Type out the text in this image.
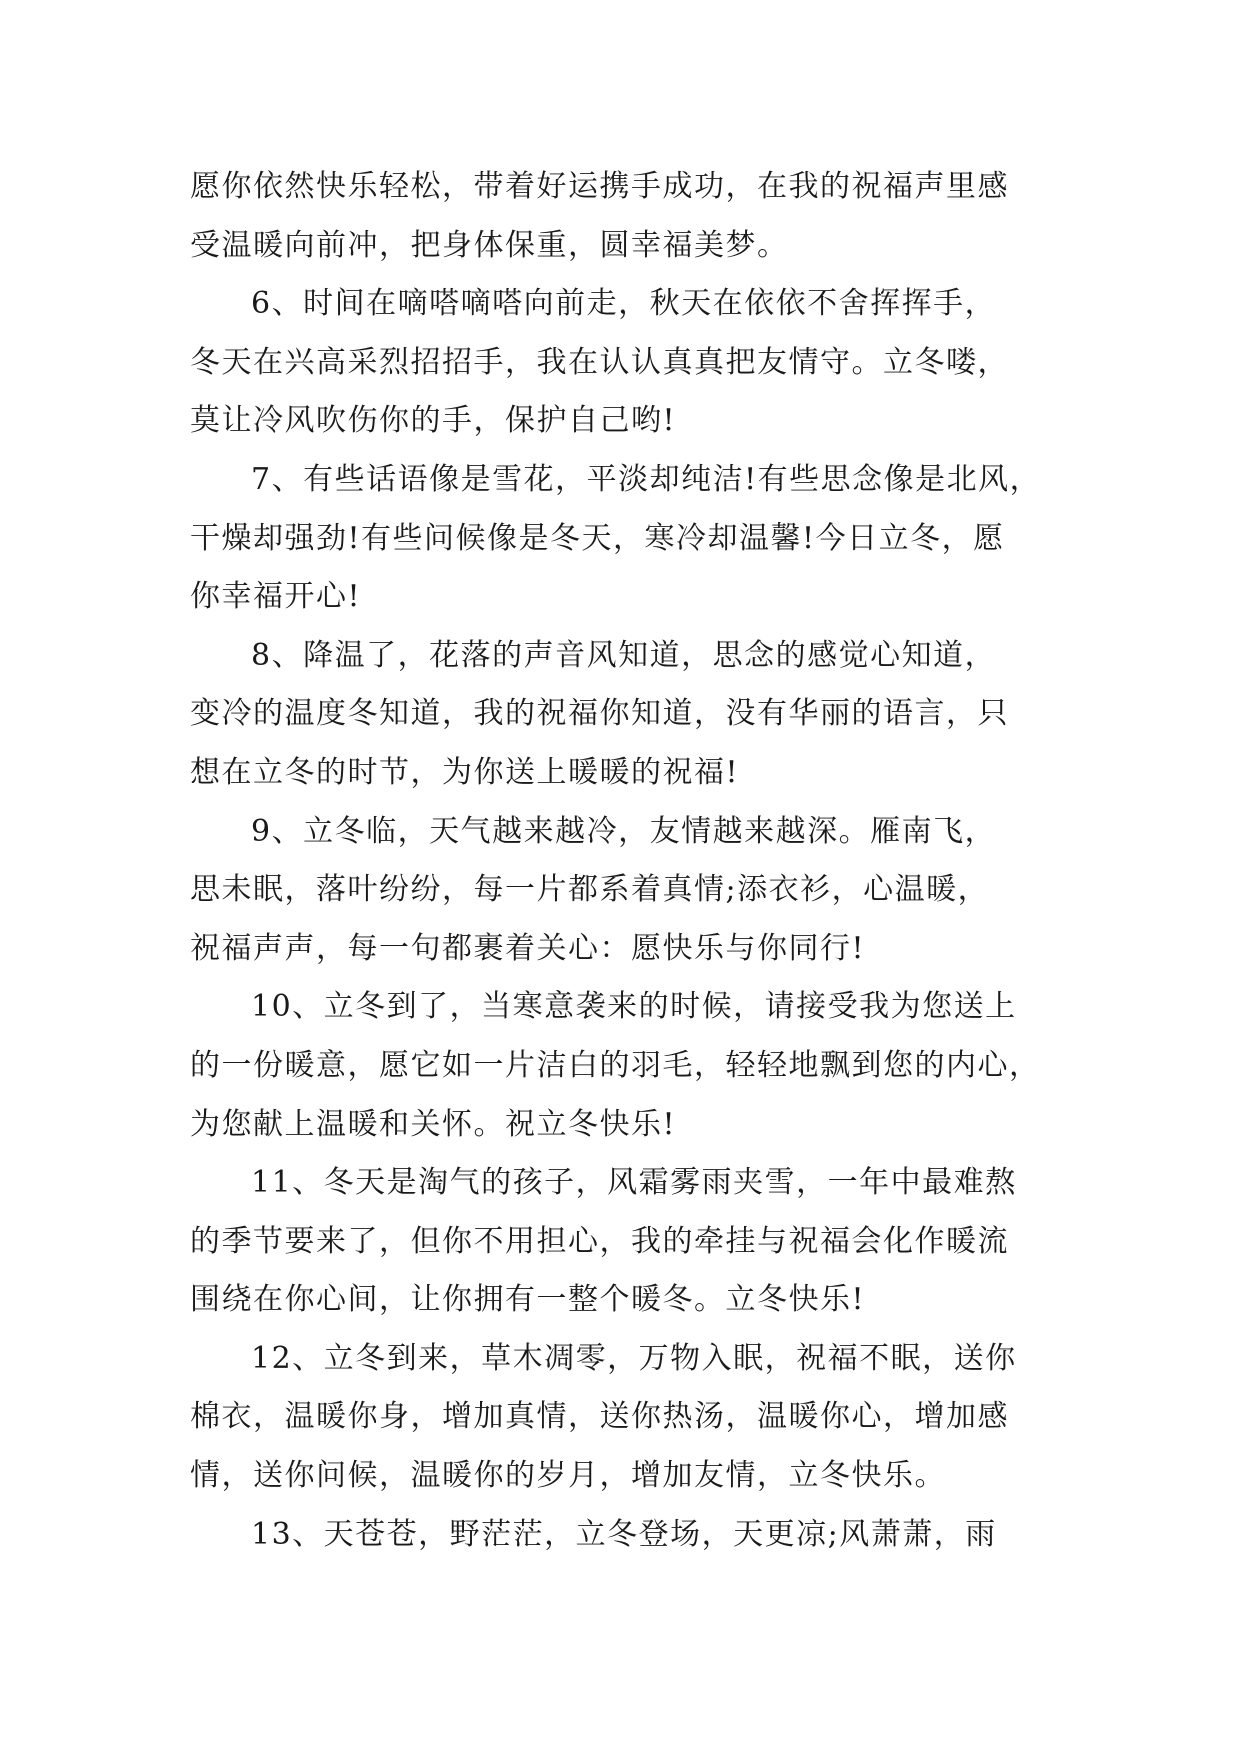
愿你依然快乐轻松，带着好运携手成功，在我的祝福声里感

受温暖向前冲，把身体保重，圆幸福美梦。

6、时间在嘀嗒嘀嗒向前走，秋天在依依不舍挥挥手，

冬天在兴高采烈招招手，我在认认真真把友情守。立冬喽，

莫让冷风吹伤你的手，保护自己哟!

7、有些话语像是雪花，平淡却纯洁!有些思念像是北风，

干燥却强劲!有些问候像是冬天，寒冷却温馨!今日立冬，愿

你幸福开心!

8、降温了，花落的声音风知道，思念的感觉心知道，

变冷的温度冬知道，我的祝福你知道，没有华丽的语言，只

想在立冬的时节，为你送上暖暖的祝福!

9、立冬临，天气越来越冷，友情越来越深。雁南飞，

思未眠，落叶纷纷，每一片都系着真情;添衣衫，心温暖，

祝福声声，每一句都裹着关心：愿快乐与你同行!

10、立冬到了，当寒意袭来的时候，请接受我为您送上

的一份暖意，愿它如一片洁白的羽毛，轻轻地飘到您的内心，

为您献上温暖和关怀。祝立冬快乐!

11、冬天是淘气的孩子，风霜雾雨夹雪，一年中最难熬

的季节要来了，但你不用担心，我的牵挂与祝福会化作暖流

围绕在你心间，让你拥有一整个暖冬。立冬快乐!

12、立冬到来，草木凋零，万物入眠，祝福不眠，送你

棉衣，温暖你身，增加真情，送你热汤，温暖你心，增加感

情，送你问候，温暖你的岁月，增加友情，立冬快乐。

13、天苍苍，野茫茫，立冬登场，天更凉;风萧萧，雨
